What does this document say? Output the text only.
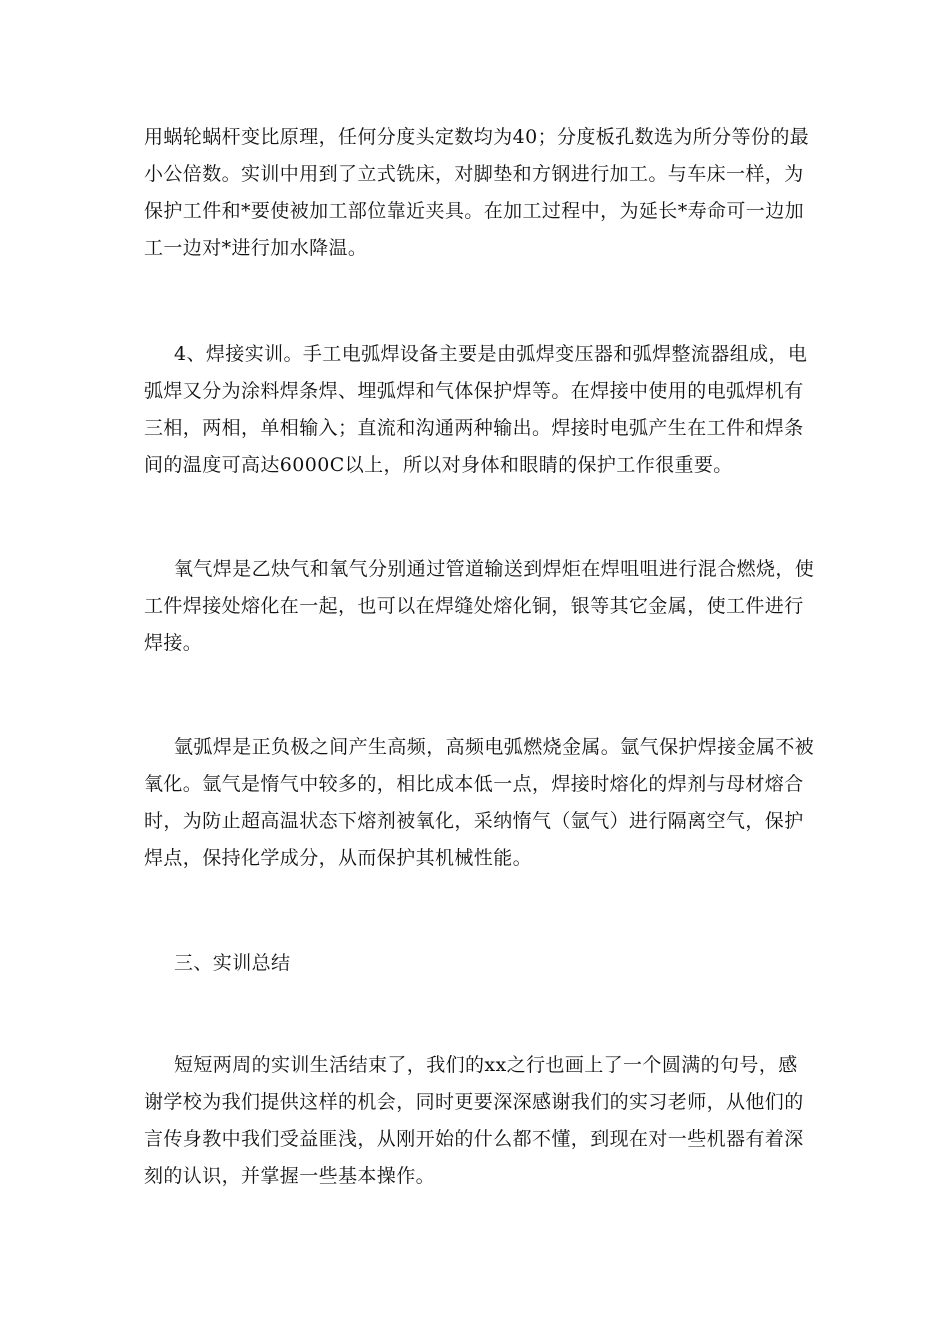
用蜗轮蜗杆变比原理，任何分度头定数均为40；分度板孔数选为所分等份的最
小公倍数。实训中用到了立式铣床，对脚垫和方钢进行加工。与车床一样，为
保护工件和*要使被加工部位靠近夹具。在加工过程中，为延长*寿命可一边加
工一边对*进行加水降温。
4、焊接实训。手工电弧焊设备主要是由弧焊变压器和弧焊整流器组成，电
弧焊又分为涂料焊条焊、埋弧焊和气体保护焊等。在焊接中使用的电弧焊机有
三相，两相，单相输入；直流和沟通两种输出。焊接时电弧产生在工件和焊条
间的温度可高达6000C以上，所以对身体和眼睛的保护工作很重要。
氧气焊是乙炔气和氧气分别通过管道输送到焊炬在焊咀咀进行混合燃烧，使
工件焊接处熔化在一起，也可以在焊缝处熔化铜，银等其它金属，使工件进行
焊接。
氩弧焊是正负极之间产生高频，高频电弧燃烧金属。氩气保护焊接金属不被
氧化。氩气是惰气中较多的，相比成本低一点，焊接时熔化的焊剂与母材熔合
时，为防止超高温状态下熔剂被氧化，采纳惰气（氩气）进行隔离空气，保护
焊点，保持化学成分，从而保护其机械性能。
三、实训总结
短短两周的实训生活结束了，我们的xx之行也画上了一个圆满的句号，感
谢学校为我们提供这样的机会，同时更要深深感谢我们的实习老师，从他们的
言传身教中我们受益匪浅，从刚开始的什么都不懂，到现在对一些机器有着深
刻的认识，并掌握一些基本操作。
